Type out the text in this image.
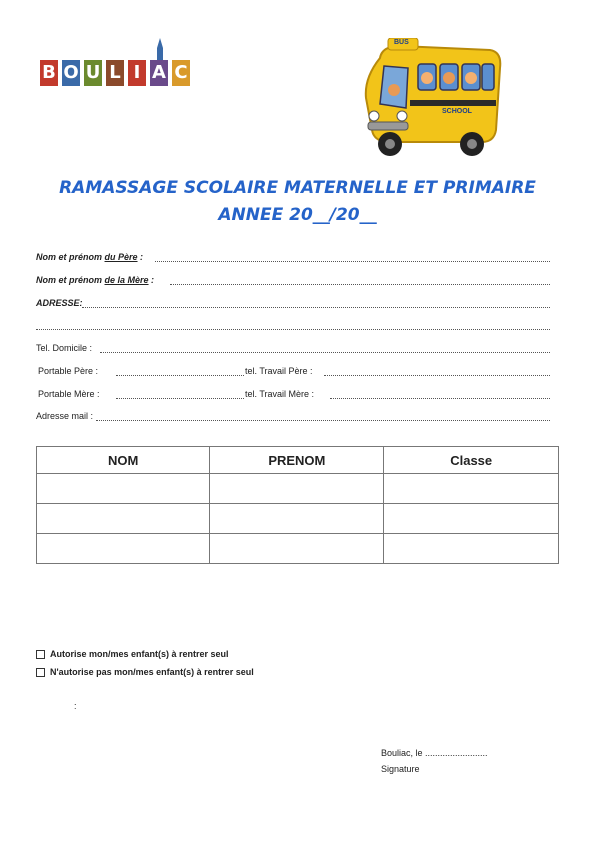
B O U L I A C
BUS
SCHOOL
RAMASSAGE SCOLAIRE MATERNELLE ET PRIMAIRE
ANNEE 20__/20__
Nom et prénom du Père :
Nom et prénom de la Mère :
ADRESSE:
Tel. Domicile :
Portable Père :	tel. Travail Père :
Portable Mère :	tel. Travail Mère :
Adresse mail :
NOM	PRENOM	Classe

Autorise mon/mes enfant(s) à rentrer seul
N'autorise pas mon/mes enfant(s) à rentrer seul
:
Bouliac, le .........................
Signature
